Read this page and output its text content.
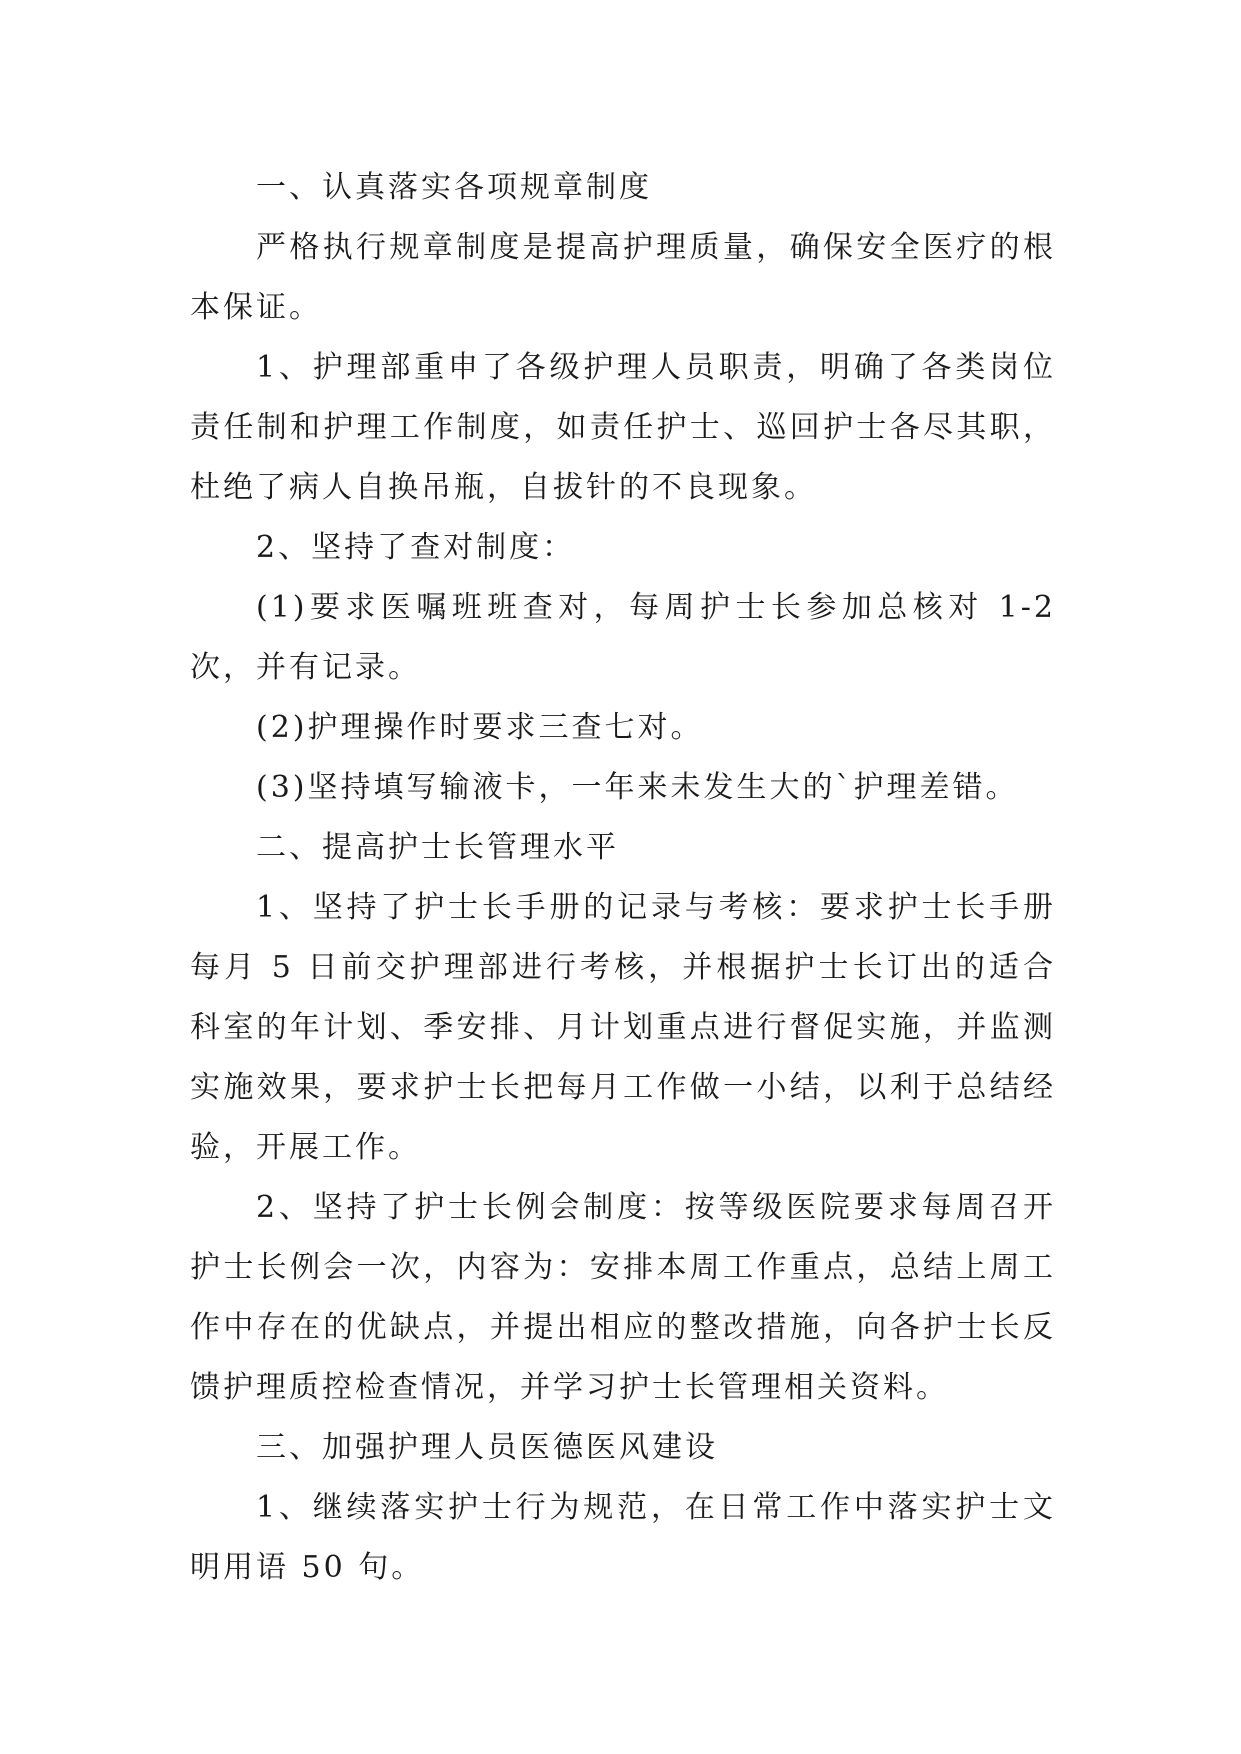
一、认真落实各项规章制度

严格执行规章制度是提高护理质量，确保安全医疗的根本保证。

1、护理部重申了各级护理人员职责，明确了各类岗位责任制和护理工作制度，如责任护士、巡回护士各尽其职，杜绝了病人自换吊瓶，自拔针的不良现象。

2、坚持了查对制度：

(1)要求医嘱班班查对，每周护士长参加总核对 1-2 次，并有记录。

(2)护理操作时要求三查七对。

(3)坚持填写输液卡，一年来未发生大的`护理差错。

二、提高护士长管理水平

1、坚持了护士长手册的记录与考核：要求护士长手册每月 5 日前交护理部进行考核，并根据护士长订出的适合科室的年计划、季安排、月计划重点进行督促实施，并监测实施效果，要求护士长把每月工作做一小结，以利于总结经验，开展工作。

2、坚持了护士长例会制度：按等级医院要求每周召开护士长例会一次，内容为：安排本周工作重点，总结上周工作中存在的优缺点，并提出相应的整改措施，向各护士长反馈护理质控检查情况，并学习护士长管理相关资料。

三、加强护理人员医德医风建设

1、继续落实护士行为规范，在日常工作中落实护士文明用语 50 句。
